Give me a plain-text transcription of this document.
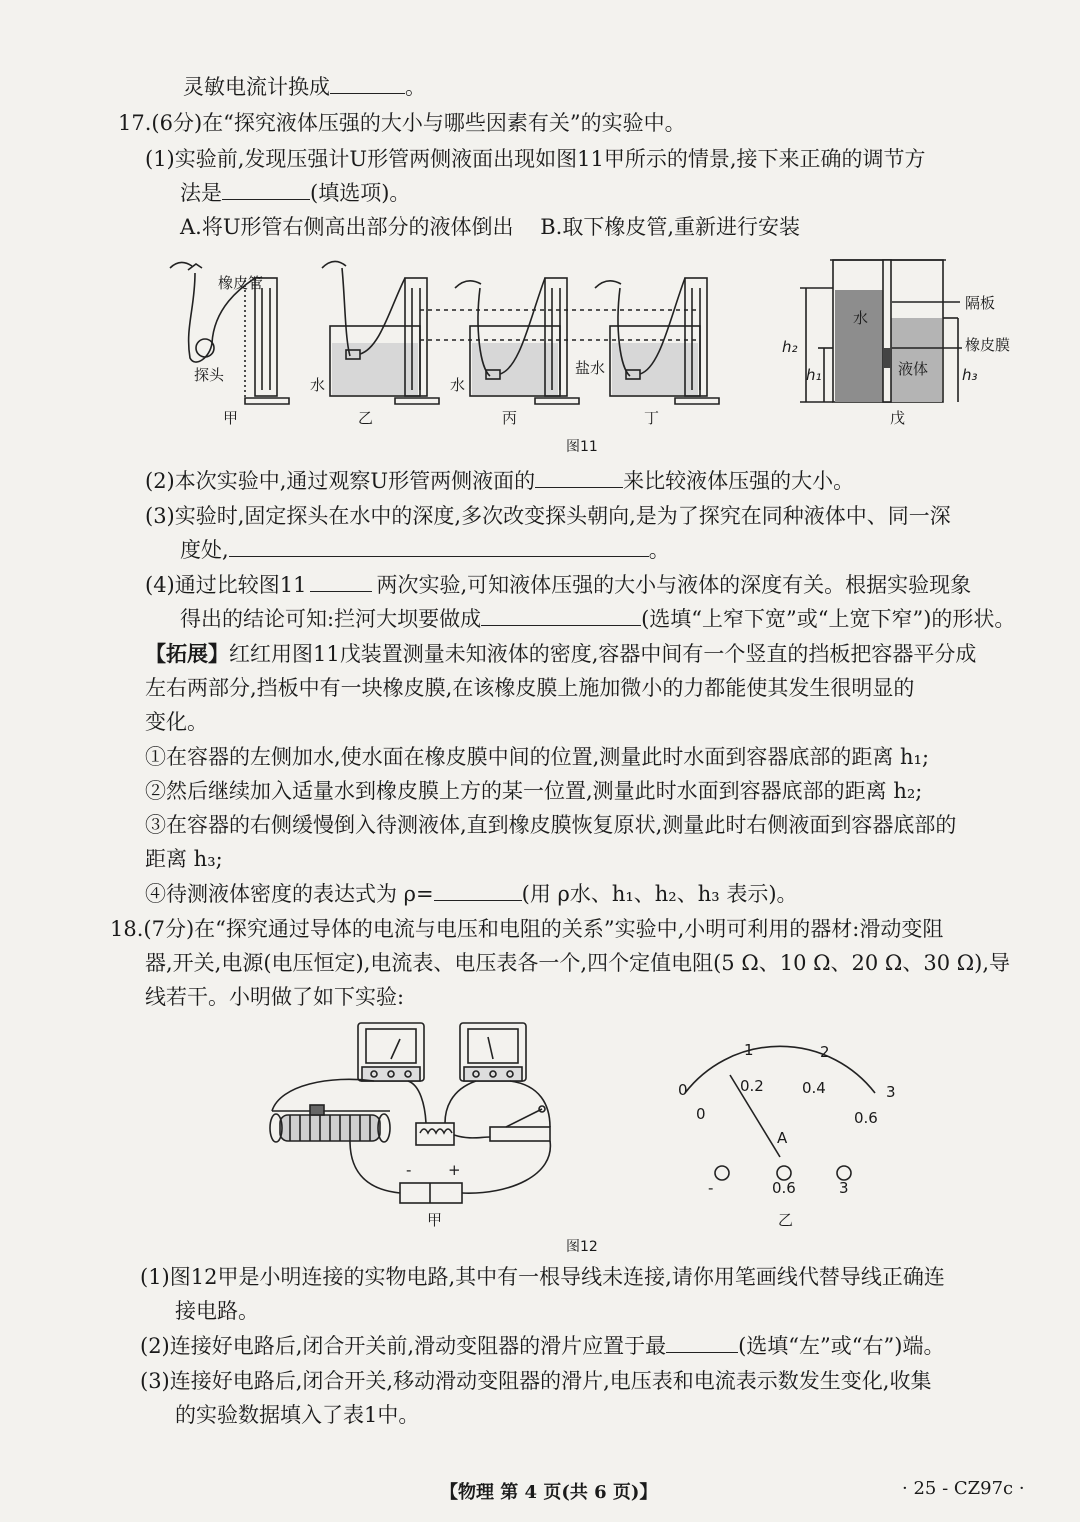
灵敏电流计换成	。
17.(6分)在“探究液体压强的大小与哪些因素有关”的实验中。
(1)实验前,发现压强计U形管两侧液面出现如图11甲所示的情景,接下来正确的调节方
法是	(填选项)。
A.将U形管右侧高出部分的液体倒出    B.取下橡皮管,重新进行安装
橡皮管
探头
水	水
盐水
水
液体
隔板
橡皮膜
h₂
h₁	h₃
甲	乙	丙	丁	戊
图11
(2)本次实验中,通过观察U形管两侧液面的	来比较液体压强的大小。
(3)实验时,固定探头在水中的深度,多次改变探头朝向,是为了探究在同种液体中、同一深
度处,	。
(4)通过比较图11	两次实验,可知液体压强的大小与液体的深度有关。根据实验现象
得出的结论可知:拦河大坝要做成	(选填“上窄下宽”或“上宽下窄”)的形状。
【拓展】红红用图11戊装置测量未知液体的密度,容器中间有一个竖直的挡板把容器平分成
左右两部分,挡板中有一块橡皮膜,在该橡皮膜上施加微小的力都能使其发生很明显的
变化。
①在容器的左侧加水,使水面在橡皮膜中间的位置,测量此时水面到容器底部的距离 h₁;
②然后继续加入适量水到橡皮膜上方的某一位置,测量此时水面到容器底部的距离 h₂;
③在容器的右侧缓慢倒入待测液体,直到橡皮膜恢复原状,测量此时右侧液面到容器底部的
距离 h₃;
④待测液体密度的表达式为 ρ=	(用 ρ水、h₁、h₂、h₃ 表示)。
18.(7分)在“探究通过导体的电流与电压和电阻的关系”实验中,小明可利用的器材:滑动变阻
器,开关,电源(电压恒定),电流表、电压表各一个,四个定值电阻(5 Ω、10 Ω、20 Ω、30 Ω),导
线若干。小明做了如下实验:
- +
0
1	2
3
0
0.2	0.4
0.6
A
-	0.6	3
甲	乙
图12
(1)图12甲是小明连接的实物电路,其中有一根导线未连接,请你用笔画线代替导线正确连
接电路。
(2)连接好电路后,闭合开关前,滑动变阻器的滑片应置于最	(选填“左”或“右”)端。
(3)连接好电路后,闭合开关,移动滑动变阻器的滑片,电压表和电流表示数发生变化,收集
的实验数据填入了表1中。
【物理 第 4 页(共 6 页)】	· 25 - CZ97c ·
